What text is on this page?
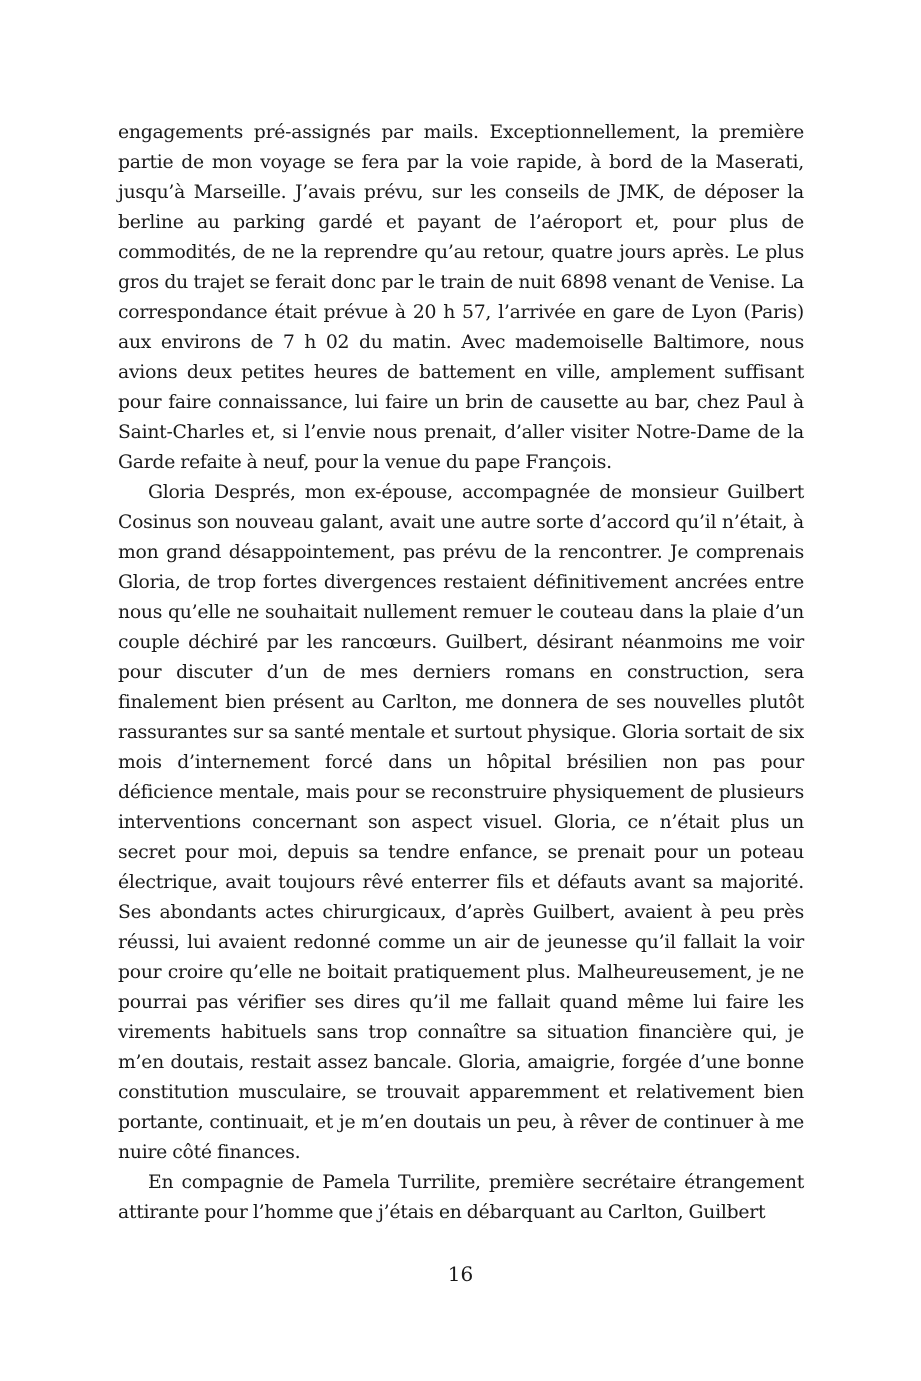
engagements pré-assignés par mails. Exceptionnellement, la première partie de mon voyage se fera par la voie rapide, à bord de la Maserati, jusqu’à Marseille. J’avais prévu, sur les conseils de JMK, de déposer la berline au parking gardé et payant de l’aéroport et, pour plus de commodités, de ne la reprendre qu’au retour, quatre jours après. Le plus gros du trajet se ferait donc par le train de nuit 6898 venant de Venise. La correspondance était prévue à 20 h 57, l’arrivée en gare de Lyon (Paris) aux environs de 7 h 02 du matin. Avec mademoiselle Baltimore, nous avions deux petites heures de battement en ville, amplement suffisant pour faire connaissance, lui faire un brin de causette au bar, chez Paul à Saint-Charles et, si l’envie nous prenait, d’aller visiter Notre-Dame de la Garde refaite à neuf, pour la venue du pape François.

Gloria Després, mon ex-épouse, accompagnée de monsieur Guilbert Cosinus son nouveau galant, avait une autre sorte d’accord qu’il n’était, à mon grand désappointement, pas prévu de la rencontrer. Je comprenais Gloria, de trop fortes divergences restaient définitivement ancrées entre nous qu’elle ne souhaitait nullement remuer le couteau dans la plaie d’un couple déchiré par les rancœurs. Guilbert, désirant néanmoins me voir pour discuter d’un de mes derniers romans en construction, sera finalement bien présent au Carlton, me donnera de ses nouvelles plutôt rassurantes sur sa santé mentale et surtout physique. Gloria sortait de six mois d’internement forcé dans un hôpital brésilien non pas pour déficience mentale, mais pour se reconstruire physiquement de plusieurs interventions concernant son aspect visuel. Gloria, ce n’était plus un secret pour moi, depuis sa tendre enfance, se prenait pour un poteau électrique, avait toujours rêvé enterrer fils et défauts avant sa majorité. Ses abondants actes chirurgicaux, d’après Guilbert, avaient à peu près réussi, lui avaient redonné comme un air de jeunesse qu’il fallait la voir pour croire qu’elle ne boitait pratiquement plus. Malheureusement, je ne pourrai pas vérifier ses dires qu’il me fallait quand même lui faire les virements habituels sans trop connaître sa situation financière qui, je m’en doutais, restait assez bancale. Gloria, amaigrie, forgée d’une bonne constitution musculaire, se trouvait apparemment et relativement bien portante, continuait, et je m’en doutais un peu, à rêver de continuer à me nuire côté finances.

En compagnie de Pamela Turrilite, première secrétaire étrangement attirante pour l’homme que j’étais en débarquant au Carlton, Guilbert

16
